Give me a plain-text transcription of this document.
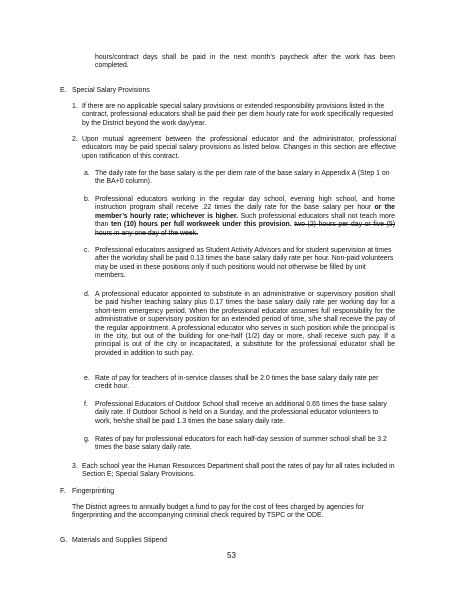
hours/contract days shall be paid in the next month’s paycheck after the work has been completed.

E. Special Salary Provisions
1. If there are no applicable special salary provisions or extended responsibility provisions listed in the contract, professional educators shall be paid their per diem hourly rate for work specifically requested by the District beyond the work day/year.

2. Upon mutual agreement between the professional educator and the administrator, professional educators may be paid special salary provisions as listed below. Changes in this section are effective upon ratification of this contract.

a. The daily rate for the base salary is the per diem rate of the base salary in Appendix A (Step 1 on the BA+0 column).

b. Professional educators working in the regular day school, evening high school, and home instruction program shall receive .22 times the daily rate for the base salary per hour or the member’s hourly rate; whichever is higher. Such professional educators shall not teach more than ten (10) hours per full workweek under this provision. two (2) hours per day or five (5) hours in any one day of the week.

c. Professional educators assigned as Student Activity Advisors and for student supervision at times after the workday shall be paid 0.13 times the base salary daily rate per hour. Non-paid volunteers may be used in these positions only if such positions would not otherwise be filled by unit members.

d. A professional educator appointed to substitute in an administrative or supervisory position shall be paid his/her teaching salary plus 0.17 times the base salary daily rate per working day for a short-term emergency period. When the professional educator assumes full responsibility for the administrative or supervisory position for an extended period of time, s/he shall receive the pay of the regular appointment. A professional educator who serves in such position while the principal is in the city, but out of the building for one-half (1/2) day or more, shall receive such pay. If a principal is out of the city or incapacitated, a substitute for the professional educator shall be provided in addition to such pay.

e. Rate of pay for teachers of in-service classes shall be 2.0 times the base salary daily rate per credit hour.

f. Professional Educators of Outdoor School shall receive an additional 0.65 times the base salary daily rate. If Outdoor School is held on a Sunday, and the professional educator volunteers to work, he/she shall be paid 1.3 times the base salary daily rate.

g. Rates of pay for professional educators for each half-day session of summer school shall be 3.2 times the base salary daily rate.

3. Each school year the Human Resources Department shall post the rates of pay for all rates included in Section E; Special Salary Provisions.

F. Fingerprinting

The District agrees to annually budget a fund to pay for the cost of fees charged by agencies for fingerprinting and the accompanying criminal check required by TSPC or the ODE.

G. Materials and Supplies Stipend
53
